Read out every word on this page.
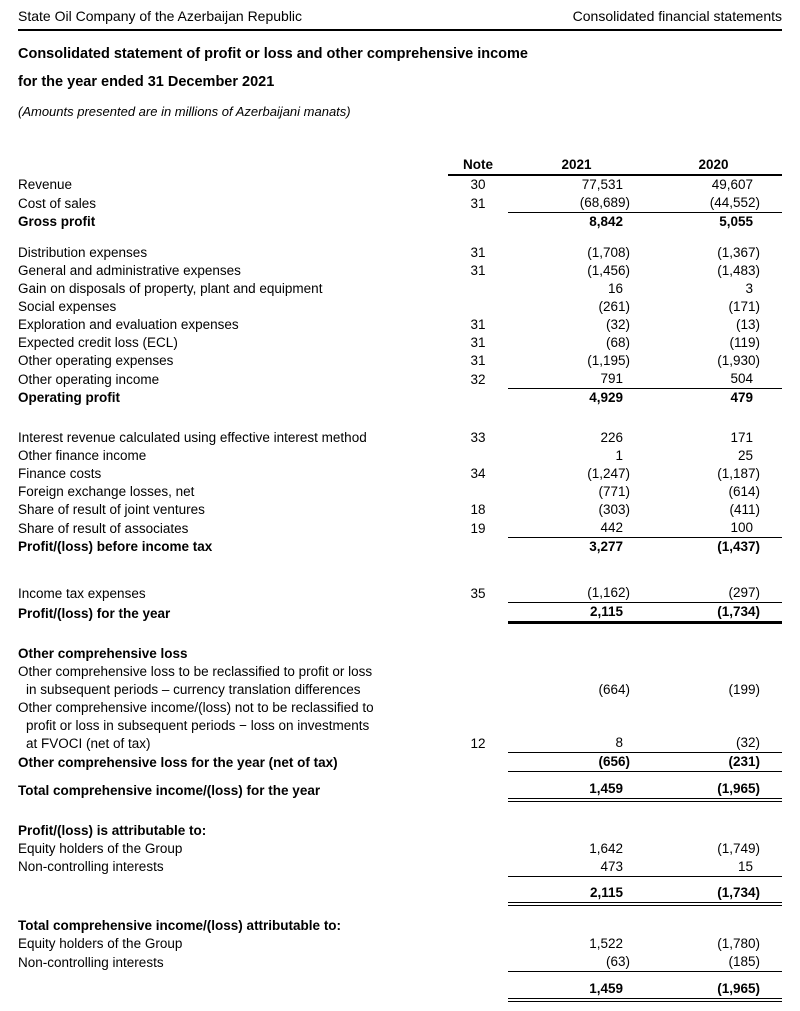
State Oil Company of the Azerbaijan Republic	Consolidated financial statements
Consolidated statement of profit or loss and other comprehensive income
for the year ended 31 December 2021
(Amounts presented are in millions of Azerbaijani manats)
	Note	2021	2020

Revenue	30	77,531	49,607

Cost of sales	31	(68,689)	(44,552)

Gross profit		8,842	5,055

Distribution expenses	31	(1,708)	(1,367)

General and administrative expenses	31	(1,456)	(1,483)

Gain on disposals of property, plant and equipment		16	3

Social expenses		(261)	(171)

Exploration and evaluation expenses	31	(32)	(13)

Expected credit loss (ECL)	31	(68)	(119)

Other operating expenses	31	(1,195)	(1,930)

Other operating income	32	791	504

Operating profit		4,929	479

Interest revenue calculated using effective interest method	33	226	171

Other finance income		1	25

Finance costs	34	(1,247)	(1,187)

Foreign exchange losses, net		(771)	(614)

Share of result of joint ventures	18	(303)	(411)

Share of result of associates	19	442	100

Profit/(loss) before income tax		3,277	(1,437)

Income tax expenses	35	(1,162)	(297)

Profit/(loss) for the year		2,115	(1,734)

Other comprehensive loss			

Other comprehensive loss to be reclassified to profit or loss
in subsequent periods – currency translation differences		(664)	(199)

Other comprehensive income/(loss) not to be reclassified to
profit or loss in subsequent periods − loss on investments
at FVOCI (net of tax)	12	8	(32)

Other comprehensive loss for the year (net of tax)		(656)	(231)

Total comprehensive income/(loss) for the year		1,459	(1,965)

Profit/(loss) is attributable to:			

Equity holders of the Group		1,642	(1,749)

Non-controlling interests		473	15

		2,115	(1,734)

Total comprehensive income/(loss) attributable to:			

Equity holders of the Group		1,522	(1,780)

Non-controlling interests		(63)	(185)

		1,459	(1,965)
